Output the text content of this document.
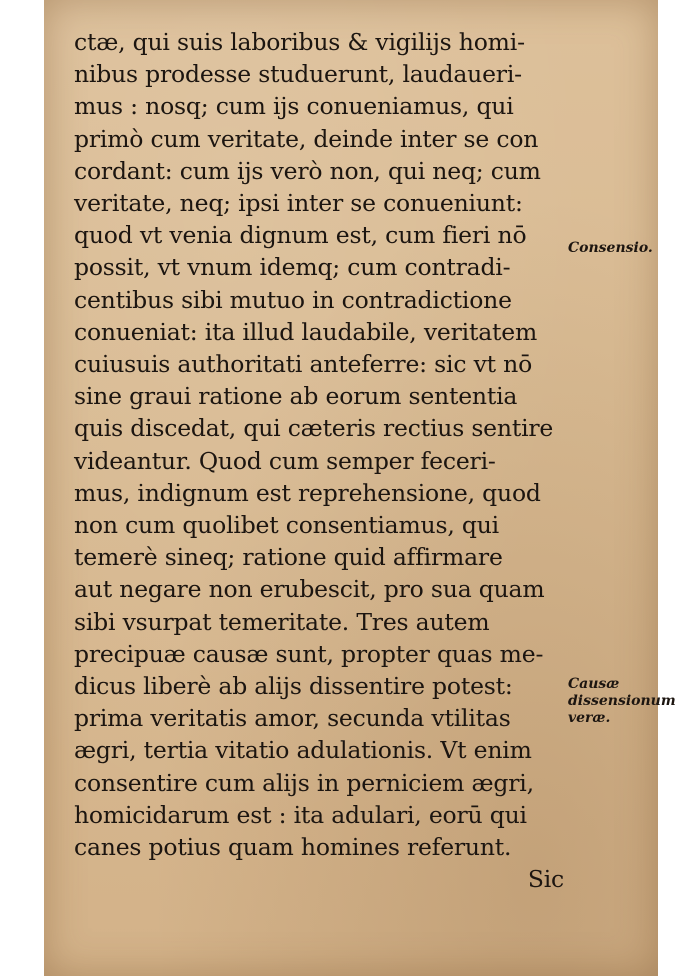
ctæ, qui suis laboribus & vigilijs homi-
nibus prodesse studuerunt, laudaueri-
mus : nosq; cum ijs conueniamus, qui
primò cum veritate, deinde inter se con
cordant: cum ijs verò non, qui neq; cum
veritate, neq; ipsi inter se conueniunt:
quod vt venia dignum est, cum fieri nō
possit, vt vnum idemq; cum contradi-
centibus sibi mutuo in contradictione
conueniat: ita illud laudabile, veritatem
cuiusuis authoritati anteferre: sic vt nō
sine graui ratione ab eorum sententia
quis discedat, qui cæteris rectius sentire
videantur. Quod cum semper feceri-
mus, indignum est reprehensione, quod
non cum quolibet consentiamus, qui
temerè sineq; ratione quid affirmare
aut negare non erubescit, pro sua quam
sibi vsurpat temeritate. Tres autem
precipuæ causæ sunt, propter quas me-
dicus liberè ab alijs dissentire potest:
prima veritatis amor, secunda vtilitas
ægri, tertia vitatio adulationis. Vt enim
consentire cum alijs in perniciem ægri,
homicidarum est : ita adulari, eorū qui
canes potius quam homines referunt.
Sic
Consensio.
Causæ dissensionum veræ.
